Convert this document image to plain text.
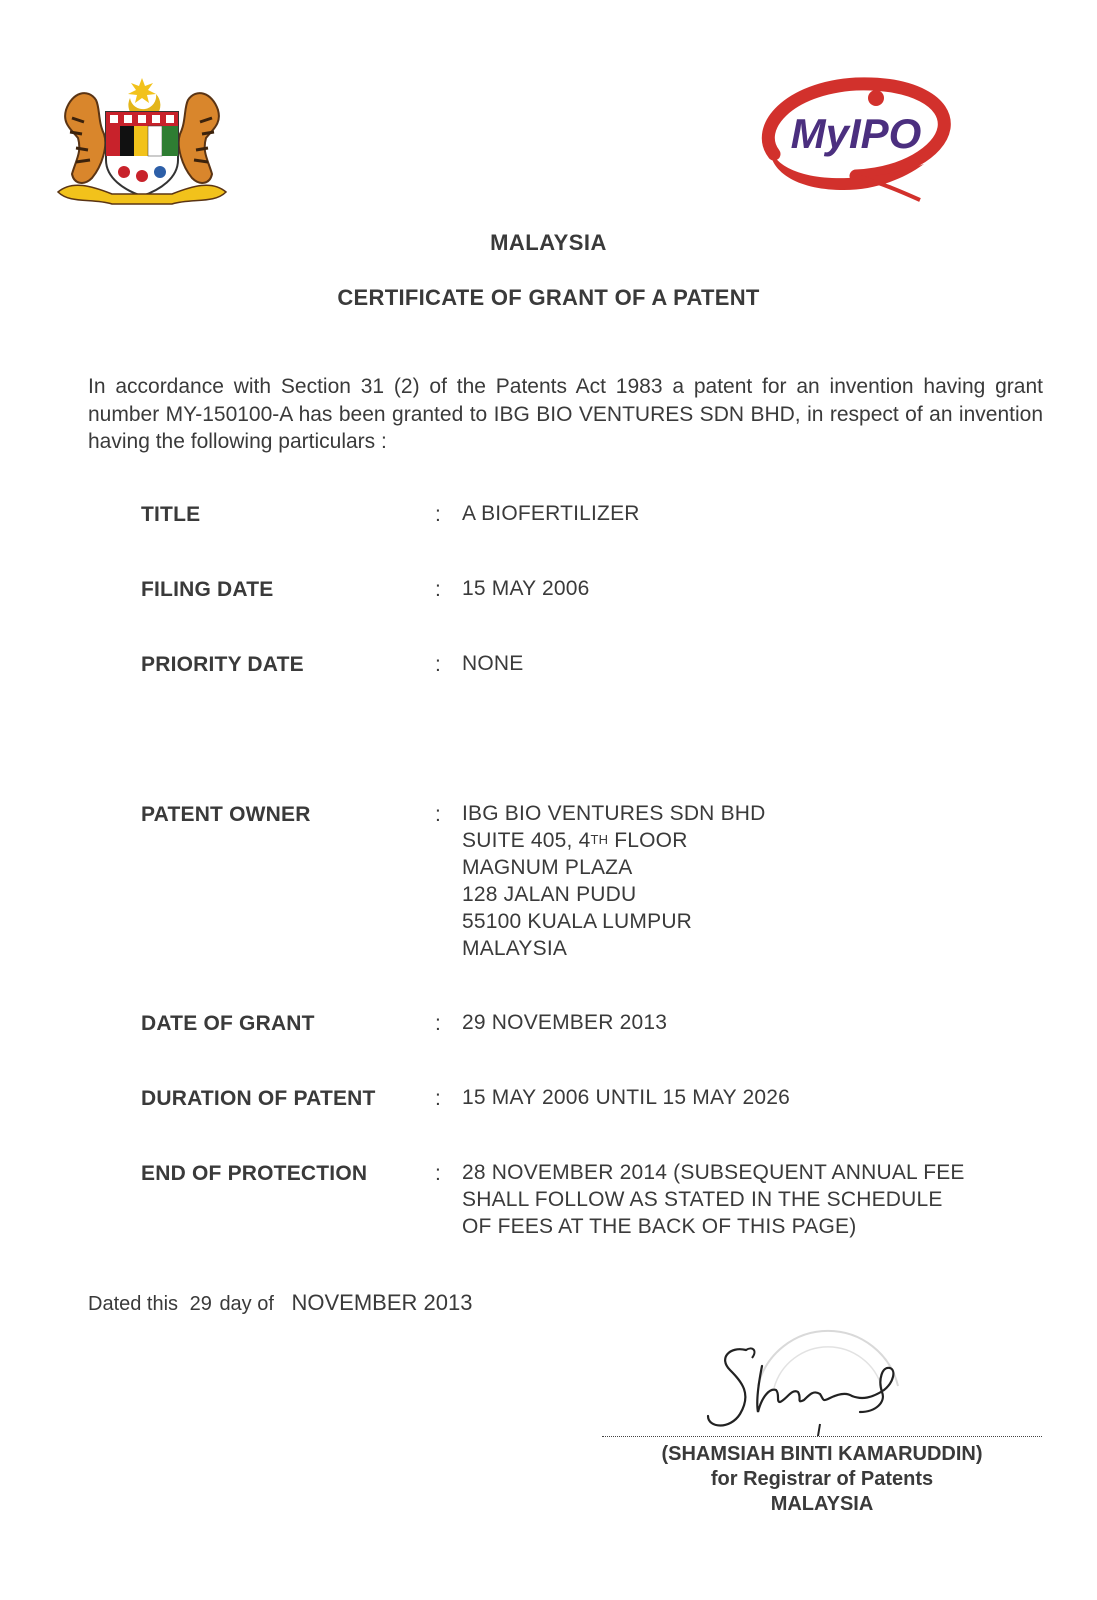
MyIPO
MALAYSIA
CERTIFICATE OF GRANT OF A PATENT

In accordance with Section 31 (2) of the Patents Act 1983 a patent for an invention having grant number MY-150100-A has been granted to IBG BIO VENTURES SDN BHD, in respect of an invention having the following particulars :

TITLE	: A BIOFERTILIZER
FILING DATE	: 15 MAY 2006
PRIORITY DATE	: NONE
PATENT OWNER	: IBG BIO VENTURES SDN BHD
SUITE 405, 4TH FLOOR
MAGNUM PLAZA
128 JALAN PUDU
55100 KUALA LUMPUR
MALAYSIA
DATE OF GRANT	: 29 NOVEMBER 2013
DURATION OF PATENT	: 15 MAY 2006 UNTIL 15 MAY 2026
END OF PROTECTION	: 28 NOVEMBER 2014 (SUBSEQUENT ANNUAL FEE
SHALL FOLLOW AS STATED IN THE SCHEDULE
OF FEES AT THE BACK OF THIS PAGE)
Dated this 29 day of NOVEMBER 2013
(SHAMSIAH BINTI KAMARUDDIN)
for Registrar of Patents
MALAYSIA
